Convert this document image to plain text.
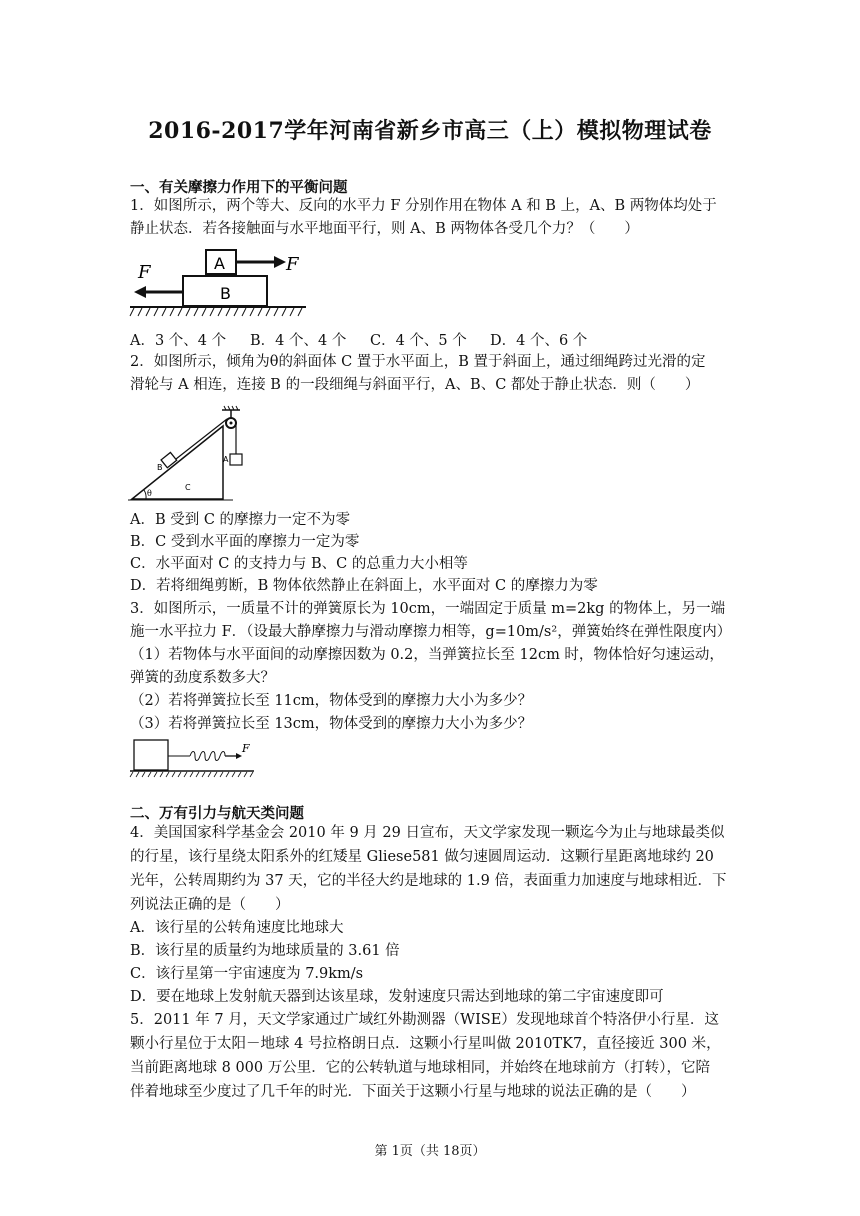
2016-2017学年河南省新乡市高三（上）模拟物理试卷
一、有关摩擦力作用下的平衡问题
1．如图所示，两个等大、反向的水平力 F 分别作用在物体 A 和 B 上，A、B 两物体均处于
静止状态．若各接触面与水平地面平行，则 A、B 两物体各受几个力？（　　）
A
B
F
F
A．3 个、4 个 B．4 个、4 个 C．4 个、5 个 D．4 个、6 个
2．如图所示，倾角为θ的斜面体 C 置于水平面上，B 置于斜面上，通过细绳跨过光滑的定
滑轮与 A 相连，连接 B 的一段细绳与斜面平行，A、B、C 都处于静止状态．则（　　）
B
A
C
θ
A．B 受到 C 的摩擦力一定不为零
B．C 受到水平面的摩擦力一定为零
C．水平面对 C 的支持力与 B、C 的总重力大小相等
D．若将细绳剪断，B 物体依然静止在斜面上，水平面对 C 的摩擦力为零
3．如图所示，一质量不计的弹簧原长为 10cm，一端固定于质量 m=2kg 的物体上，另一端
施一水平拉力 F．（设最大静摩擦力与滑动摩擦力相等，g=10m/s²，弹簧始终在弹性限度内）
（1）若物体与水平面间的动摩擦因数为 0.2，当弹簧拉长至 12cm 时，物体恰好匀速运动，
弹簧的劲度系数多大？
（2）若将弹簧拉长至 11cm，物体受到的摩擦力大小为多少？
（3）若将弹簧拉长至 13cm，物体受到的摩擦力大小为多少？
F
二、万有引力与航天类问题
4．美国国家科学基金会 2010 年 9 月 29 日宣布，天文学家发现一颗迄今为止与地球最类似
的行星，该行星绕太阳系外的红矮星 Gliese581 做匀速圆周运动．这颗行星距离地球约 20
光年，公转周期约为 37 天，它的半径大约是地球的 1.9 倍，表面重力加速度与地球相近．下
列说法正确的是（　　）
A．该行星的公转角速度比地球大
B．该行星的质量约为地球质量的 3.61 倍
C．该行星第一宇宙速度为 7.9km/s
D．要在地球上发射航天器到达该星球，发射速度只需达到地球的第二宇宙速度即可
5．2011 年 7 月，天文学家通过广域红外勘测器（WISE）发现地球首个特洛伊小行星．这
颗小行星位于太阳－地球 4 号拉格朗日点．这颗小行星叫做 2010TK7，直径接近 300 米，
当前距离地球 8 000 万公里．它的公转轨道与地球相同，并始终在地球前方（打转），它陪
伴着地球至少度过了几千年的时光．下面关于这颗小行星与地球的说法正确的是（　　）
第 1页（共 18页）
